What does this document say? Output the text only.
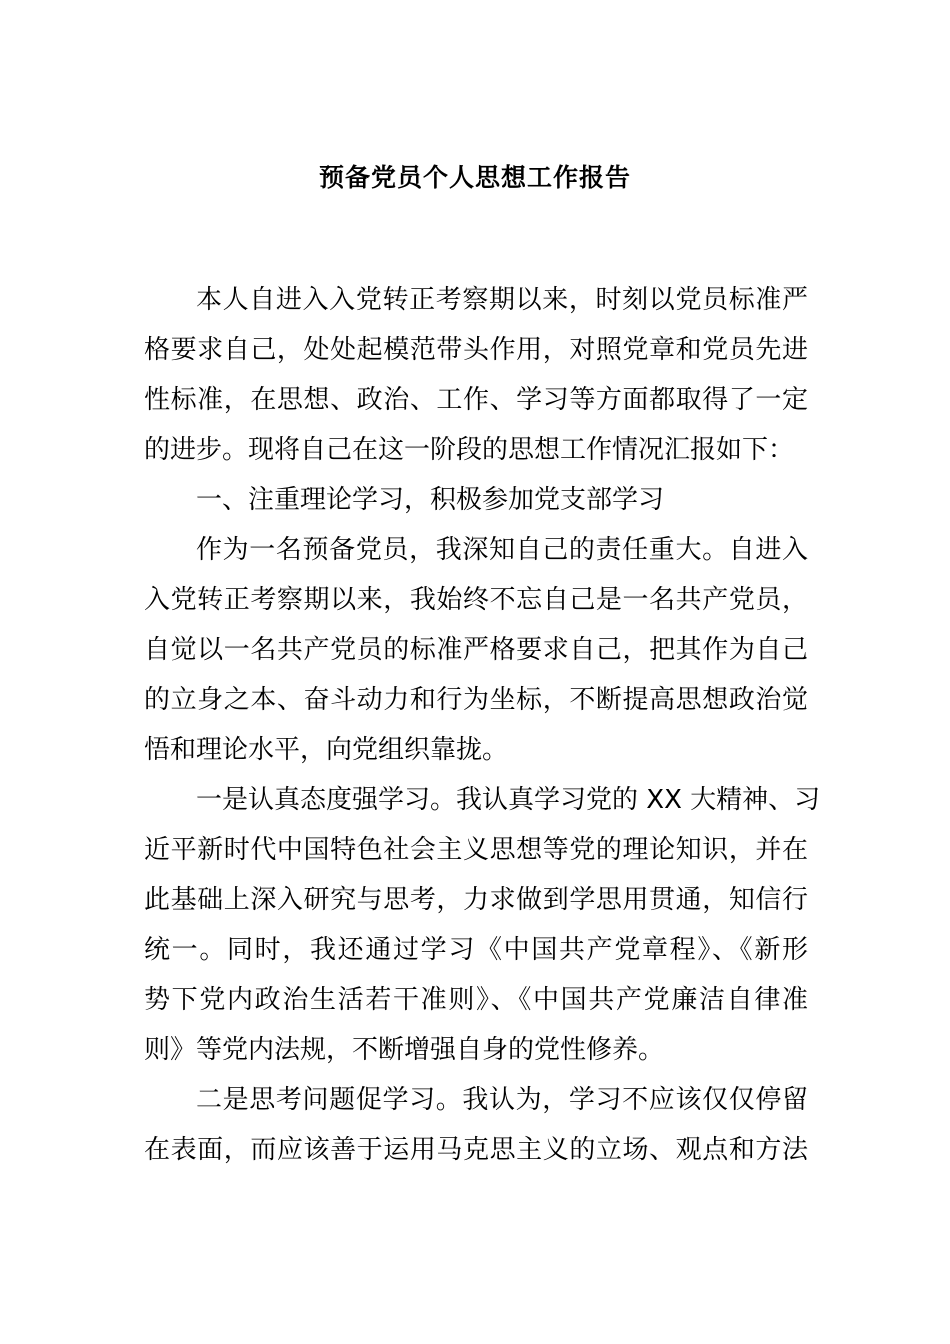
预备党员个人思想工作报告
本人自进入入党转正考察期以来，时刻以党员标准严
格要求自己，处处起模范带头作用，对照党章和党员先进
性标准，在思想、政治、工作、学习等方面都取得了一定
的进步。现将自己在这一阶段的思想工作情况汇报如下：
一、注重理论学习，积极参加党支部学习
作为一名预备党员，我深知自己的责任重大。自进入
入党转正考察期以来，我始终不忘自己是一名共产党员，
自觉以一名共产党员的标准严格要求自己，把其作为自己
的立身之本、奋斗动力和行为坐标，不断提高思想政治觉
悟和理论水平，向党组织靠拢。
一是认真态度强学习。我认真学习党的 XX 大精神、习
近平新时代中国特色社会主义思想等党的理论知识，并在
此基础上深入研究与思考，力求做到学思用贯通，知信行
统一。同时，我还通过学习《中国共产党章程》、《新形
势下党内政治生活若干准则》、《中国共产党廉洁自律准
则》等党内法规，不断增强自身的党性修养。
二是思考问题促学习。我认为，学习不应该仅仅停留
在表面，而应该善于运用马克思主义的立场、观点和方法
